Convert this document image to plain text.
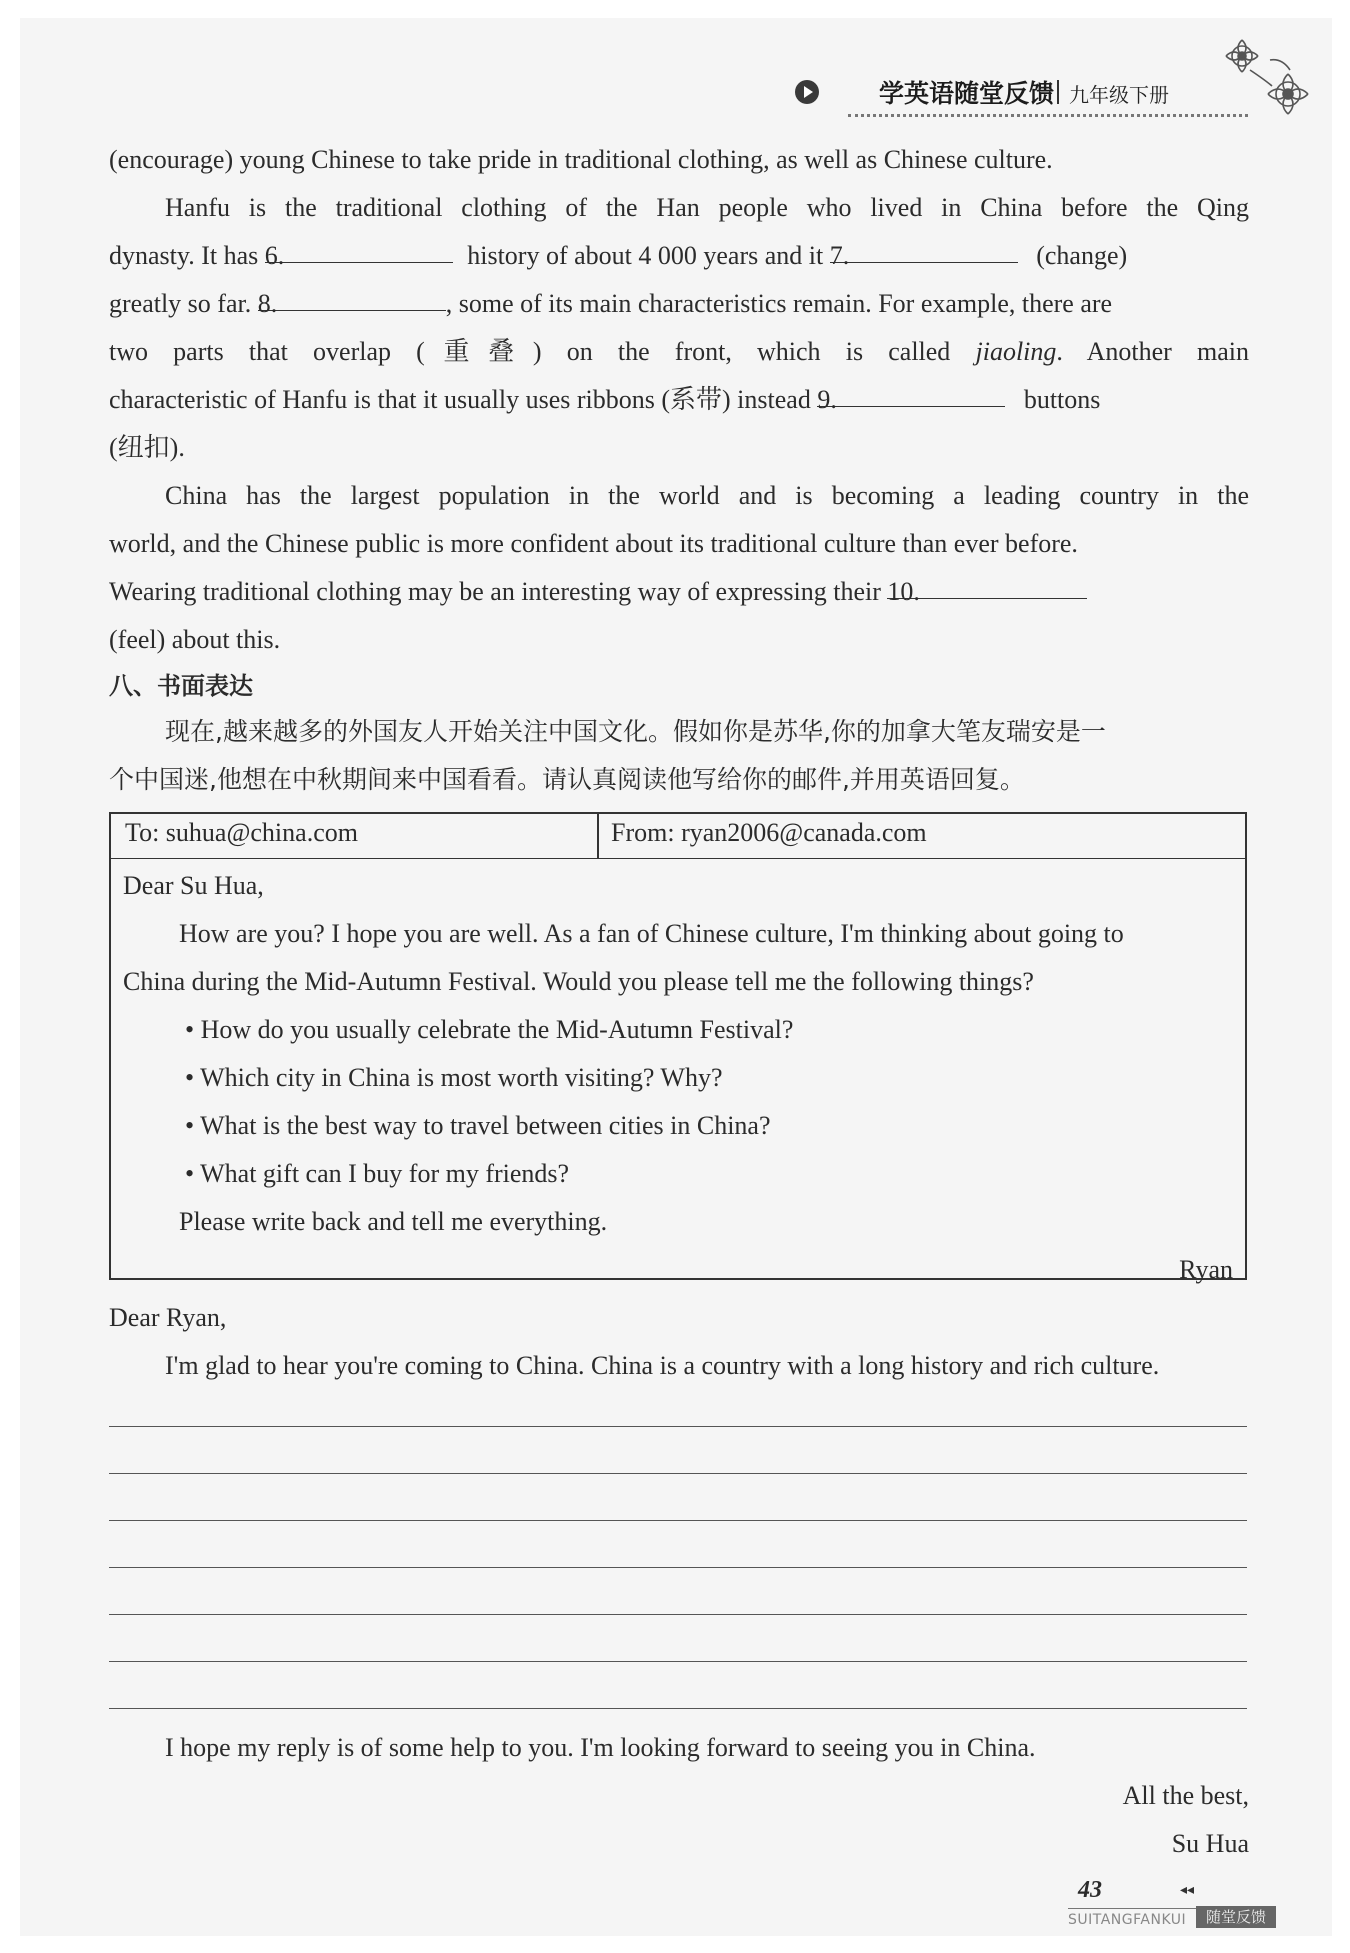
学英语随堂反馈 九年级下册
(encourage) young Chinese to take pride in traditional clothing, as well as Chinese culture.
Hanfu is the traditional clothing of the Han people who lived in China before the Qing
dynasty. It has 6.	history of about 4 000 years and it 7.	(change)
greatly so far. 8.	, some of its main characteristics remain. For example, there are
two parts that overlap (重叠) on the front, which is called jiaoling. Another main
characteristic of Hanfu is that it usually uses ribbons (系带) instead 9.	buttons
(纽扣).
China has the largest population in the world and is becoming a leading country in the
world, and the Chinese public is more confident about its traditional culture than ever before.
Wearing traditional clothing may be an interesting way of expressing their 10.
(feel) about this.
八、书面表达
现在,越来越多的外国友人开始关注中国文化。假如你是苏华,你的加拿大笔友瑞安是一
个中国迷,他想在中秋期间来中国看看。请认真阅读他写给你的邮件,并用英语回复。
To: suhua@china.com	From: ryan2006@canada.com
Dear Su Hua,
How are you? I hope you are well. As a fan of Chinese culture, I'm thinking about going to
China during the Mid-Autumn Festival. Would you please tell me the following things?
• How do you usually celebrate the Mid-Autumn Festival?
• Which city in China is most worth visiting? Why?
• What is the best way to travel between cities in China?
• What gift can I buy for my friends?
Please write back and tell me everything.
Ryan
Dear Ryan,
I'm glad to hear you're coming to China. China is a country with a long history and rich culture.
I hope my reply is of some help to you. I'm looking forward to seeing you in China.
All the best,
Su Hua
43	◂◂
SUITANGFANKUI	随堂反馈
